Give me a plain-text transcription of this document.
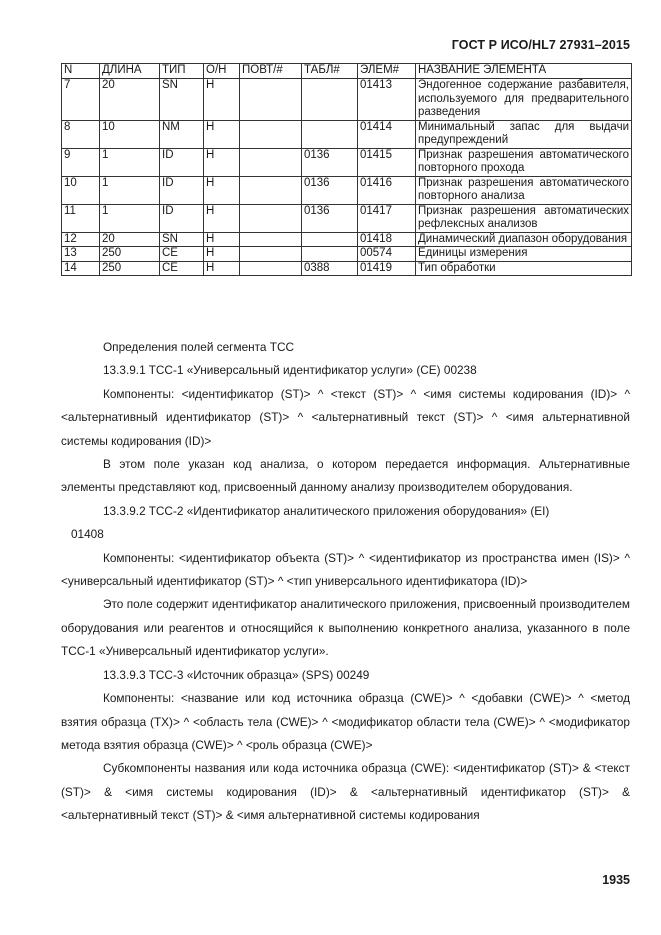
ГОСТ Р ИСО/HL7 27931–2015
N	ДЛИНА	ТИП	О/Н	ПОВТ/#	ТАБЛ#	ЭЛЕМ#	НАЗВАНИЕ ЭЛЕМЕНТА
7	20	SN	H			01413	Эндогенное содержание разбавителя, используемого для предварительного разведения
8	10	NM	H			01414	Минимальный запас для выдачи предупреждений
9	1	ID	H		0136	01415	Признак разрешения автоматического повторного прохода
10	1	ID	H		0136	01416	Признак разрешения автоматического повторного анализа
11	1	ID	H		0136	01417	Признак разрешения автоматических рефлексных анализов
12	20	SN	H			01418	Динамический диапазон оборудования
13	250	CE	H			00574	Единицы измерения
14	250	CE	H		0388	01419	Тип обработки

Определения полей сегмента TCC

13.3.9.1 TCC-1 «Универсальный идентификатор услуги» (CE) 00238

Компоненты: <идентификатор (ST)> ^ <текст (ST)> ^ <имя системы кодирования (ID)> ^ <альтернативный идентификатор (ST)> ^ <альтернативный текст (ST)> ^ <имя альтернативной системы кодирования (ID)>

В этом поле указан код анализа, о котором передается информация. Альтернативные элементы представляют код, присвоенный данному анализу производителем оборудования.

13.3.9.2 TCC-2 «Идентификатор аналитического приложения оборудования» (EI)

01408

Компоненты: <идентификатор объекта (ST)> ^ <идентификатор из пространства имен (IS)> ^ <универсальный идентификатор (ST)> ^ <тип универсального идентификатора (ID)>

Это поле содержит идентификатор аналитического приложения, присвоенный производителем оборудования или реагентов и относящийся к выполнению конкретного анализа, указанного в поле TCC-1 «Универсальный идентификатор услуги».

13.3.9.3 TCC-3 «Источник образца» (SPS) 00249

Компоненты: <название или код источника образца (CWE)> ^ <добавки (CWE)> ^ <метод взятия образца (TX)> ^ <область тела (CWE)> ^ <модификатор области тела (CWE)> ^ <модификатор метода взятия образца (CWE)> ^ <роль образца (CWE)>

Субкомпоненты названия или кода источника образца (CWE): <идентификатор (ST)> & <текст (ST)> & <имя системы кодирования (ID)> & <альтернативный идентификатор (ST)> & <альтернативный текст (ST)> & <имя альтернативной системы кодирования

1935
